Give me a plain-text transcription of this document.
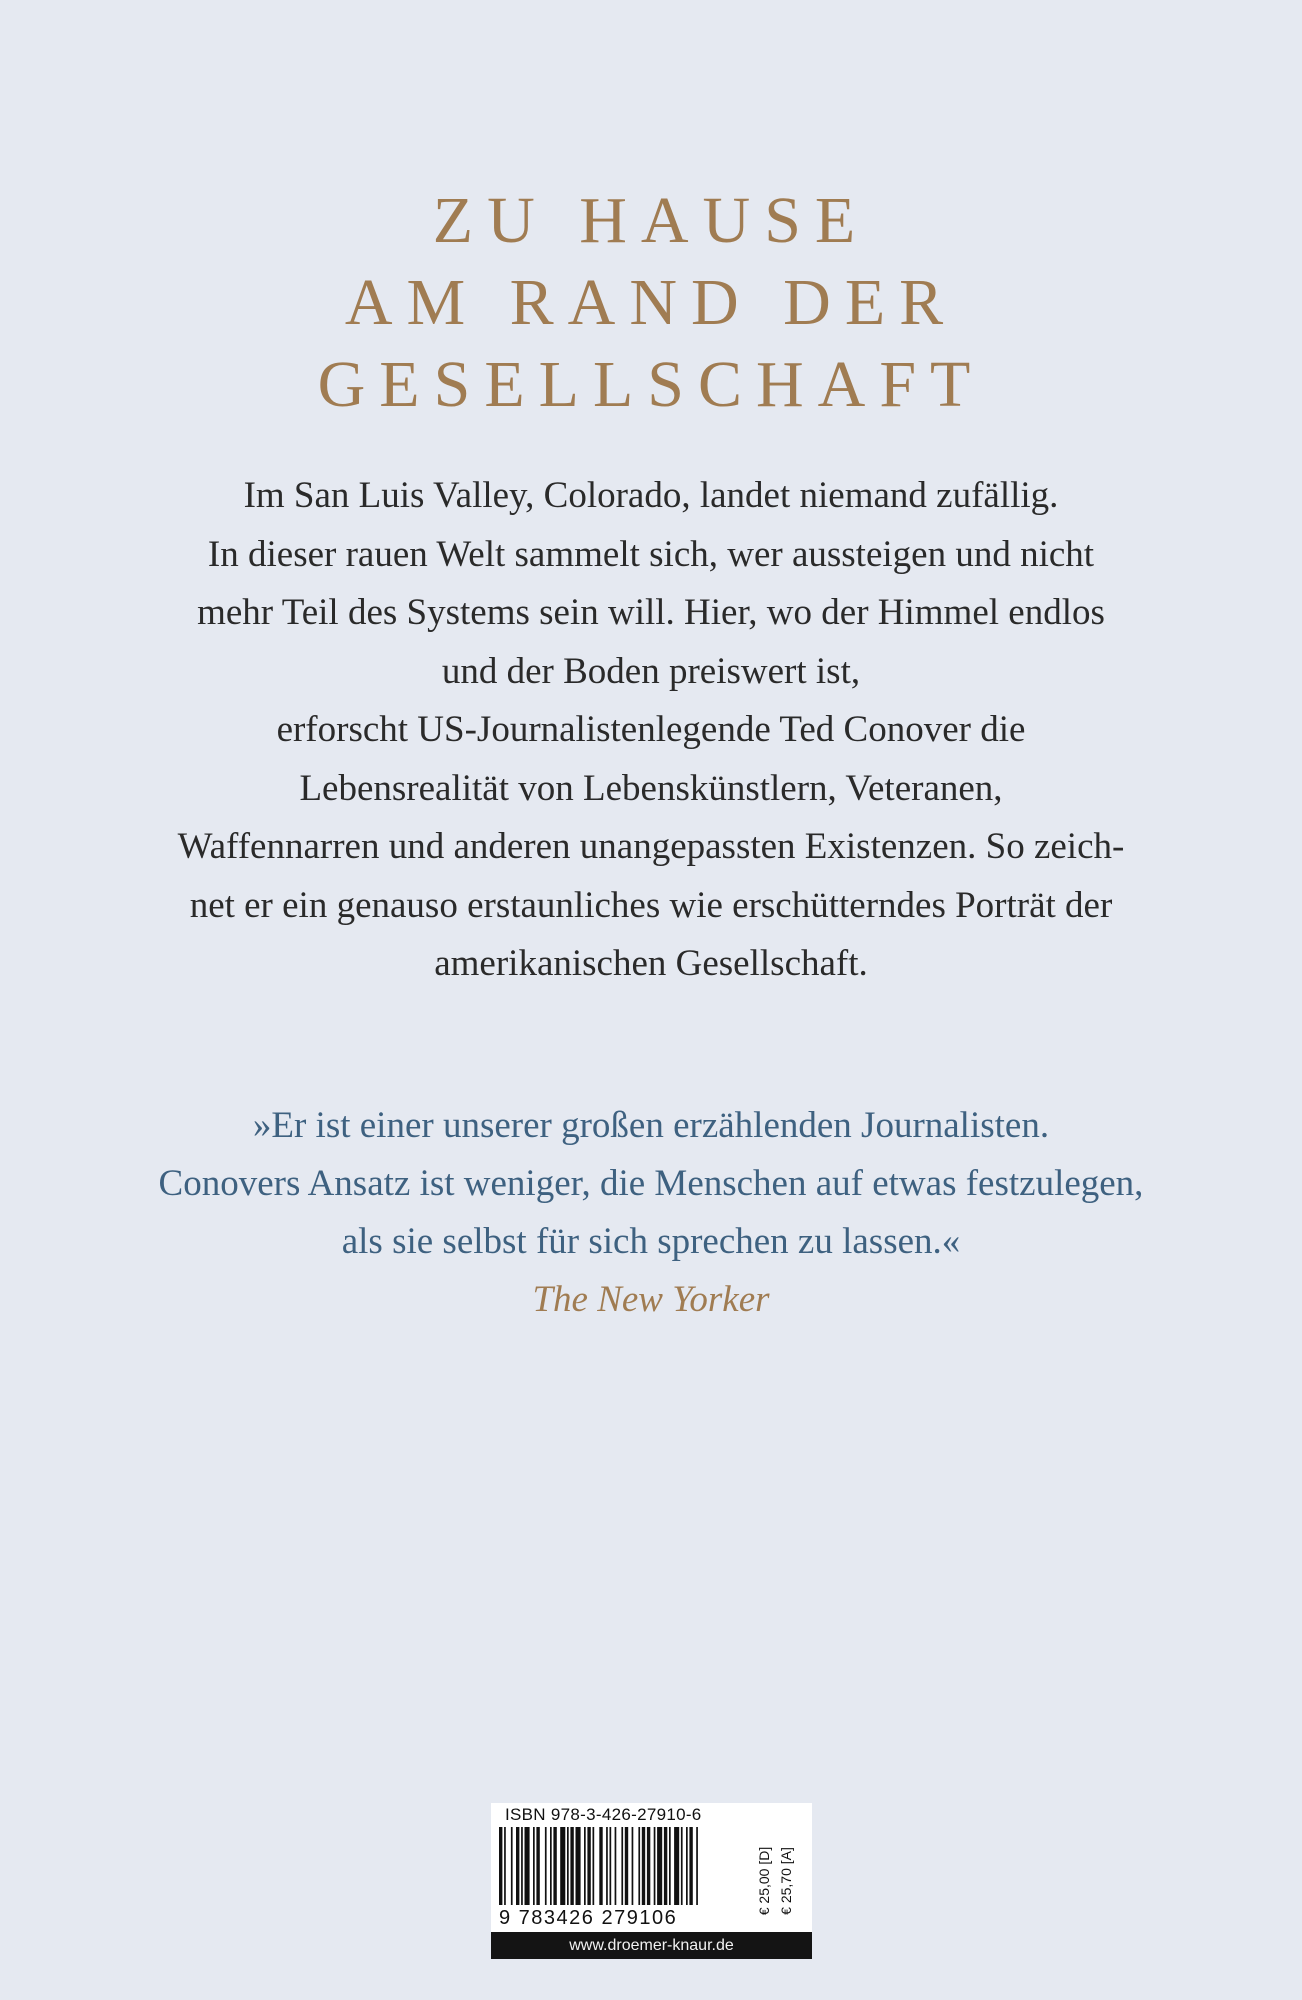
ZU HAUSE
AM RAND DER
GESELLSCHAFT
Im San Luis Valley, Colorado, landet niemand zufällig.
In dieser rauen Welt sammelt sich, wer aussteigen und nicht
mehr Teil des Systems sein will. Hier, wo der Himmel endlos
und der Boden preiswert ist,
erforscht US-Journalistenlegende Ted Conover die
Lebensrealität von Lebenskünstlern, Veteranen,
Waffennarren und anderen unangepassten Existenzen. So zeich-
net er ein genauso erstaunliches wie erschütterndes Porträt der
amerikanischen Gesellschaft.
»Er ist einer unserer großen erzählenden Journalisten.
Conovers Ansatz ist weniger, die Menschen auf etwas festzulegen,
als sie selbst für sich sprechen zu lassen.«
The New Yorker
ISBN 978-3-426-27910-6
9 783426 279106
€ 25,00 [D] € 25,70 [A]
www.droemer-knaur.de
